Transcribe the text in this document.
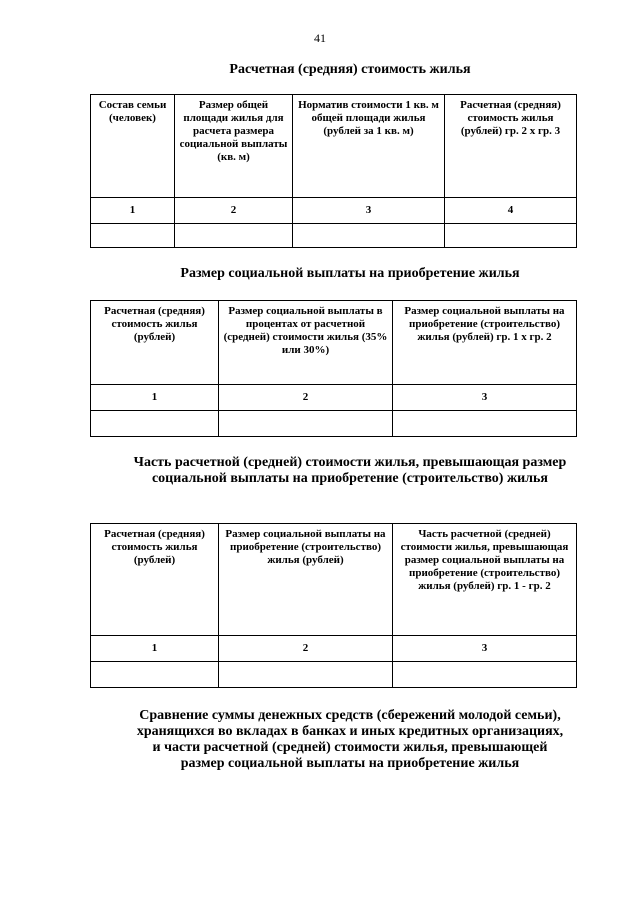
41
Расчетная (средняя) стоимость жилья
Состав семьи (человек)	Размер общей площади жилья для расчета размера социальной выплаты (кв. м)	Норматив стоимости 1 кв. м общей площади жилья (рублей за 1 кв. м)	Расчетная (средняя) стоимость жилья (рублей) гр. 2 x гр. 3
1	2	3	4

Размер социальной выплаты на приобретение жилья
Расчетная (средняя) стоимость жилья (рублей)	Размер социальной выплаты в процентах от расчетной (средней) стоимости жилья (35% или 30%)	Размер социальной выплаты на приобретение (строительство) жилья (рублей) гр. 1 x гр. 2
1	2	3

Часть расчетной (средней) стоимости жилья, превышающая размер социальной выплаты на приобретение (строительство) жилья
Расчетная (средняя) стоимость жилья (рублей)	Размер социальной выплаты на приобретение (строительство) жилья (рублей)	Часть расчетной (средней) стоимости жилья, превышающая размер социальной выплаты на приобретение (строительство) жилья (рублей) гр. 1 - гр. 2
1	2	3

Сравнение суммы денежных средств (сбережений молодой семьи), хранящихся во вкладах в банках и иных кредитных организациях, и части расчетной (средней) стоимости жилья, превышающей размер социальной выплаты на приобретение жилья
